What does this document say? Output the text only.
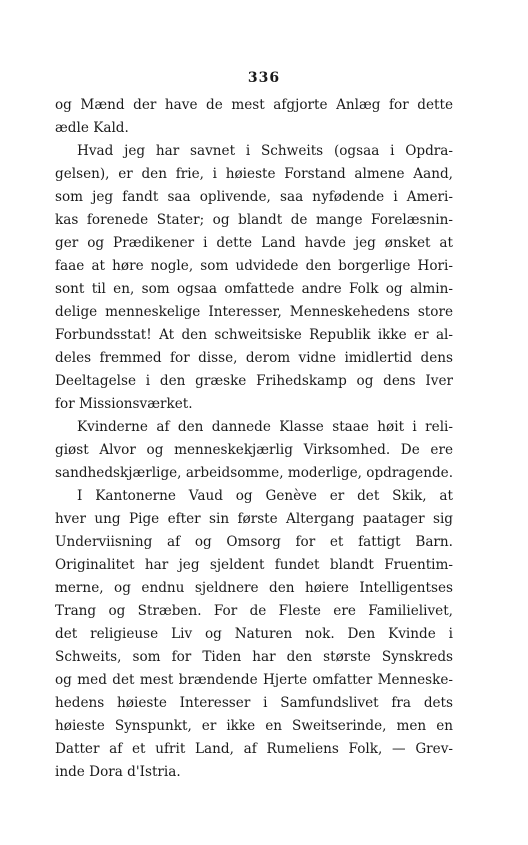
336
og Mænd der have de mest afgjorte Anlæg for dette
ædle Kald.
Hvad jeg har savnet i Schweits (ogsaa i Opdra-
gelsen), er den frie, i høieste Forstand almene Aand,
som jeg fandt saa oplivende, saa nyfødende i Ameri-
kas forenede Stater; og blandt de mange Forelæsnin-
ger og Prædikener i dette Land havde jeg ønsket at
faae at høre nogle, som udvidede den borgerlige Hori-
sont til en, som ogsaa omfattede andre Folk og almin-
delige menneskelige Interesser, Menneskehedens store
Forbundsstat! At den schweitsiske Republik ikke er al-
deles fremmed for disse, derom vidne imidlertid dens
Deeltagelse i den græske Frihedskamp og dens Iver
for Missionsværket.
Kvinderne af den dannede Klasse staae høit i reli-
giøst Alvor og menneskekjærlig Virksomhed. De ere
sandhedskjærlige, arbeidsomme, moderlige, opdragende.
I Kantonerne Vaud og Genève er det Skik, at
hver ung Pige efter sin første Altergang paatager sig
Underviisning af og Omsorg for et fattigt Barn.
Originalitet har jeg sjeldent fundet blandt Fruentim-
merne, og endnu sjeldnere den høiere Intelligentses
Trang og Stræben. For de Fleste ere Familielivet,
det religieuse Liv og Naturen nok. Den Kvinde i
Schweits, som for Tiden har den største Synskreds
og med det mest brændende Hjerte omfatter Menneske-
hedens høieste Interesser i Samfundslivet fra dets
høieste Synspunkt, er ikke en Sweitserinde, men en
Datter af et ufrit Land, af Rumeliens Folk, — Grev-
inde Dora d'Istria.
